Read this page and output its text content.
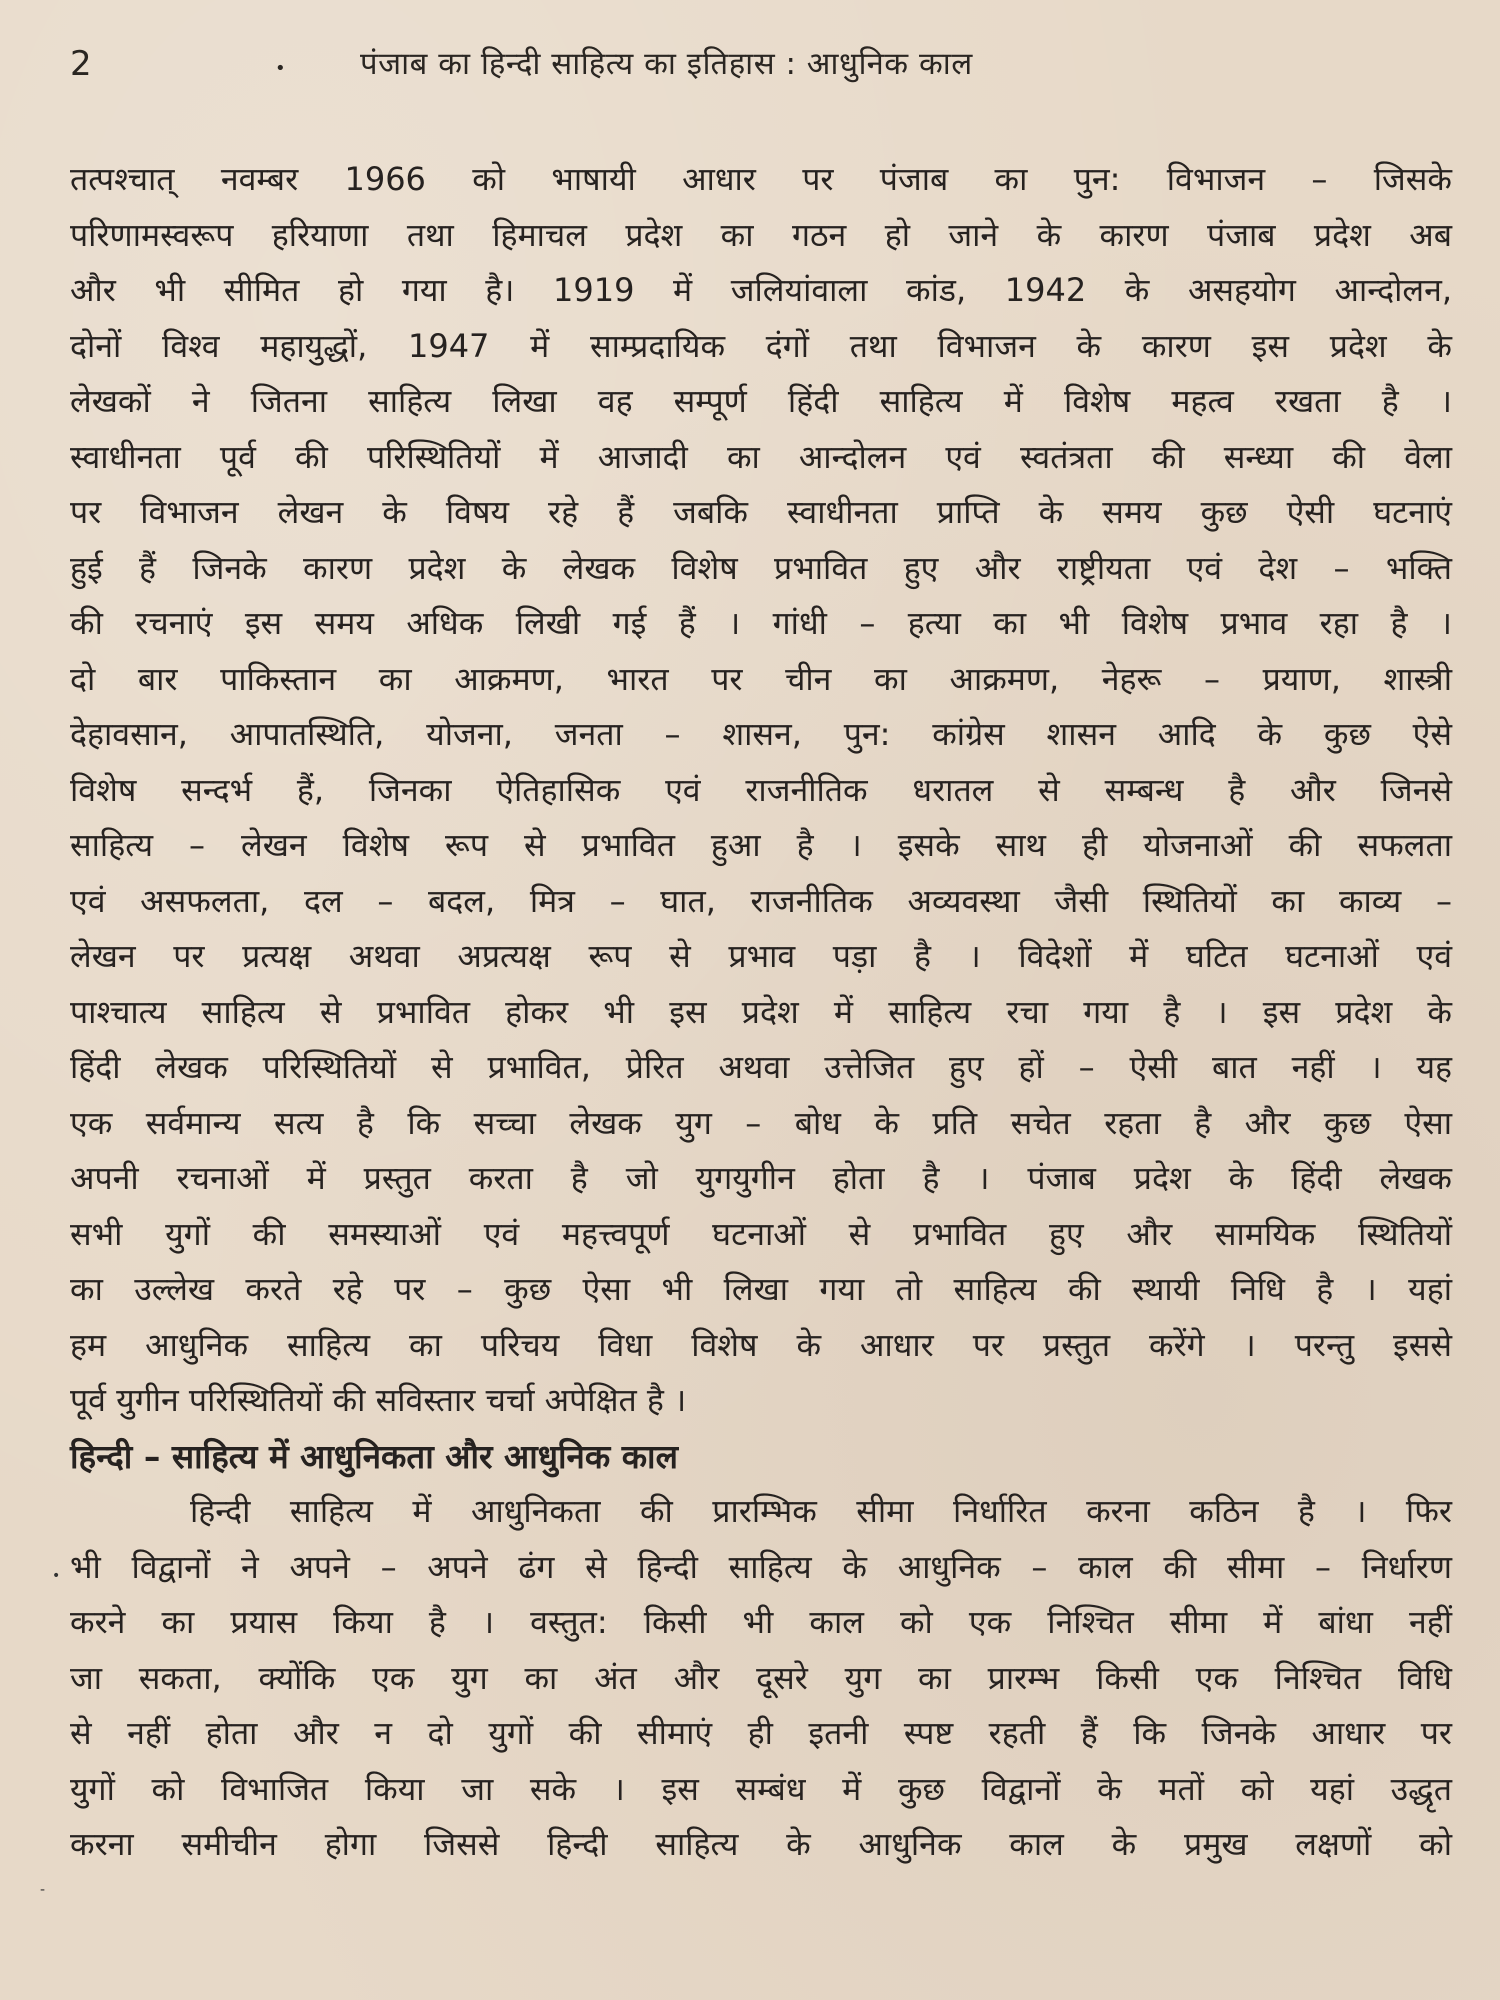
2	• पंजाब का हिन्दी साहित्य का इतिहास : आधुनिक काल

तत्पश्चात् नवम्बर 1966 को भाषायी आधार पर पंजाब का पुन: विभाजन – जिसके

परिणामस्वरूप हरियाणा तथा हिमाचल प्रदेश का गठन हो जाने के कारण पंजाब प्रदेश अब

और भी सीमित हो गया है। 1919 में जलियांवाला कांड, 1942 के असहयोग आन्दोलन,

दोनों विश्व महायुद्धों, 1947 में साम्प्रदायिक दंगों तथा विभाजन के कारण इस प्रदेश के

लेखकों ने जितना साहित्य लिखा वह सम्पूर्ण हिंदी साहित्य में विशेष महत्व रखता है ।

स्वाधीनता पूर्व की परिस्थितियों में आजादी का आन्दोलन एवं स्वतंत्रता की सन्ध्या की वेला

पर विभाजन लेखन के विषय रहे हैं जबकि स्वाधीनता प्राप्ति के समय कुछ ऐसी घटनाएं

हुई हैं जिनके कारण प्रदेश के लेखक विशेष प्रभावित हुए और राष्ट्रीयता एवं देश – भक्ति

की रचनाएं इस समय अधिक लिखी गई हैं । गांधी – हत्या का भी विशेष प्रभाव रहा है ।

दो बार पाकिस्तान का आक्रमण, भारत पर चीन का आक्रमण, नेहरू – प्रयाण, शास्त्री

देहावसान, आपातस्थिति, योजना, जनता – शासन, पुन: कांग्रेस शासन आदि के कुछ ऐसे

विशेष सन्दर्भ हैं, जिनका ऐतिहासिक एवं राजनीतिक धरातल से सम्बन्ध है और जिनसे

साहित्य – लेखन विशेष रूप से प्रभावित हुआ है । इसके साथ ही योजनाओं की सफलता

एवं असफलता, दल – बदल, मित्र – घात, राजनीतिक अव्यवस्था जैसी स्थितियों का काव्य –

लेखन पर प्रत्यक्ष अथवा अप्रत्यक्ष रूप से प्रभाव पड़ा है । विदेशों में घटित घटनाओं एवं

पाश्चात्य साहित्य से प्रभावित होकर भी इस प्रदेश में साहित्य रचा गया है । इस प्रदेश के

हिंदी लेखक परिस्थितियों से प्रभावित, प्रेरित अथवा उत्तेजित हुए हों – ऐसी बात नहीं । यह

एक सर्वमान्य सत्य है कि सच्चा लेखक युग – बोध के प्रति सचेत रहता है और कुछ ऐसा

अपनी रचनाओं में प्रस्तुत करता है जो युगयुगीन होता है । पंजाब प्रदेश के हिंदी लेखक

सभी युगों की समस्याओं एवं महत्त्वपूर्ण घटनाओं से प्रभावित हुए और सामयिक स्थितियों

का उल्लेख करते रहे पर – कुछ ऐसा भी लिखा गया तो साहित्य की स्थायी निधि है । यहां

हम आधुनिक साहित्य का परिचय विधा विशेष के आधार पर प्रस्तुत करेंगे । परन्तु इससे

पूर्व युगीन परिस्थितियों की सविस्तार चर्चा अपेक्षित है ।

हिन्दी – साहित्य में आधुनिकता और आधुनिक काल

हिन्दी साहित्य में आधुनिकता की प्रारम्भिक सीमा निर्धारित करना कठिन है । फिर

भी विद्वानों ने अपने – अपने ढंग से हिन्दी साहित्य के आधुनिक – काल की सीमा – निर्धारण

करने का प्रयास किया है । वस्तुत: किसी भी काल को एक निश्चित सीमा में बांधा नहीं

जा सकता, क्योंकि एक युग का अंत और दूसरे युग का प्रारम्भ किसी एक निश्चित विधि

से नहीं होता और न दो युगों की सीमाएं ही इतनी स्पष्ट रहती हैं कि जिनके आधार पर

युगों को विभाजित किया जा सके । इस सम्बंध में कुछ विद्वानों के मतों को यहां उद्धृत

करना समीचीन होगा जिससे हिन्दी साहित्य के आधुनिक काल के प्रमुख लक्षणों को

•
-
